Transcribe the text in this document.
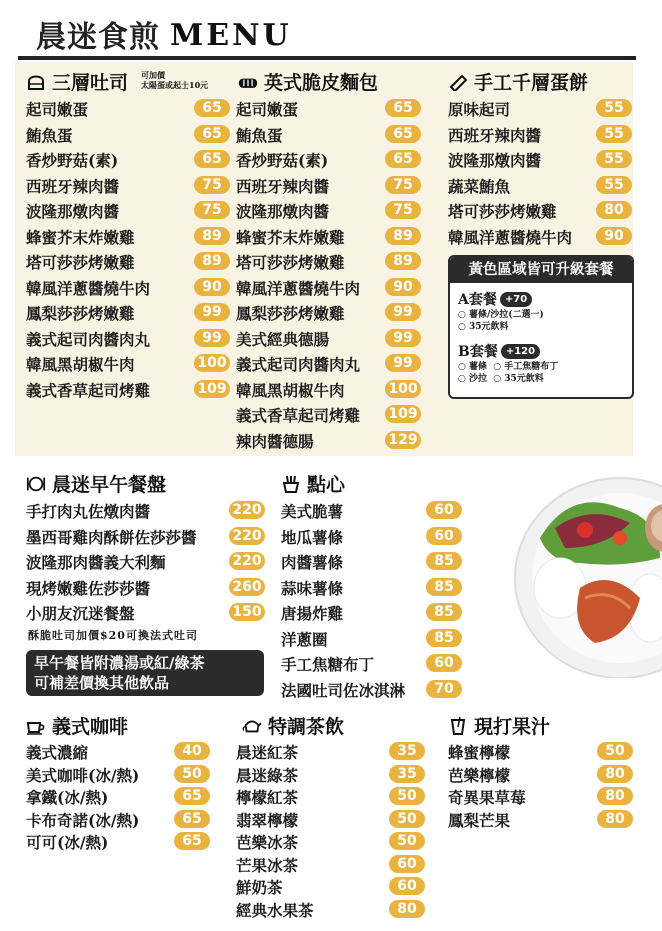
晨迷食煎 MENU
三層吐司 可加價
太陽蛋或起士10元
起司嫩蛋	65
鮪魚蛋	65
香炒野菇(素)	65
西班牙辣肉醬	75
波隆那燉肉醬	75
蜂蜜芥末炸嫩雞	89
塔可莎莎烤嫩雞	89
韓風洋蔥醬燒牛肉	90
鳳梨莎莎烤嫩雞	99
義式起司肉醬肉丸	99
韓風黑胡椒牛肉	100
義式香草起司烤雞	109
英式脆皮麵包
起司嫩蛋	65
鮪魚蛋	65
香炒野菇(素)	65
西班牙辣肉醬	75
波隆那燉肉醬	75
蜂蜜芥末炸嫩雞	89
塔可莎莎烤嫩雞	89
韓風洋蔥醬燒牛肉	90
鳳梨莎莎烤嫩雞	99
美式經典德腸	99
義式起司肉醬肉丸	99
韓風黑胡椒牛肉	100
義式香草起司烤雞 109
辣肉醬德腸	129
手工千層蛋餅
原味起司	55
西班牙辣肉醬	55
波隆那燉肉醬	55
蔬菜鮪魚	55
塔可莎莎烤嫩雞	80
韓風洋蔥醬燒牛肉	90
黃色區域皆可升級套餐
A套餐 +70
○ 薯條/沙拉(二選一)
○ 35元飲料
B套餐 +120
○ 薯條  ○ 手工焦糖布丁
○ 沙拉  ○ 35元飲料
晨迷早午餐盤
手打肉丸佐燉肉醬	220
墨西哥雞肉酥餅佐莎莎醬	220
波隆那肉醬義大利麵	220
現烤嫩雞佐莎莎醬	260
小朋友沉迷餐盤	150
酥脆吐司加價$20可換法式吐司
早午餐皆附濃湯或紅/綠茶
可補差價換其他飲品
點心
美式脆薯	60
地瓜薯條	60
肉醬薯條	85
蒜味薯條	85
唐揚炸雞	85
洋蔥圈	85
手工焦糖布丁	60
法國吐司佐冰淇淋	70
義式咖啡
義式濃縮	40
美式咖啡(冰/熱)	50
拿鐵(冰/熱)	65
卡布奇諾(冰/熱)	65
可可(冰/熱)	65
特調茶飲
晨迷紅茶	35
晨迷綠茶	35
檸檬紅茶	50
翡翠檸檬	50
芭樂冰茶	50
芒果冰茶	60
鮮奶茶	60
經典水果茶	80
現打果汁
蜂蜜檸檬	50
芭樂檸檬	80
奇異果草莓	80
鳳梨芒果	80
